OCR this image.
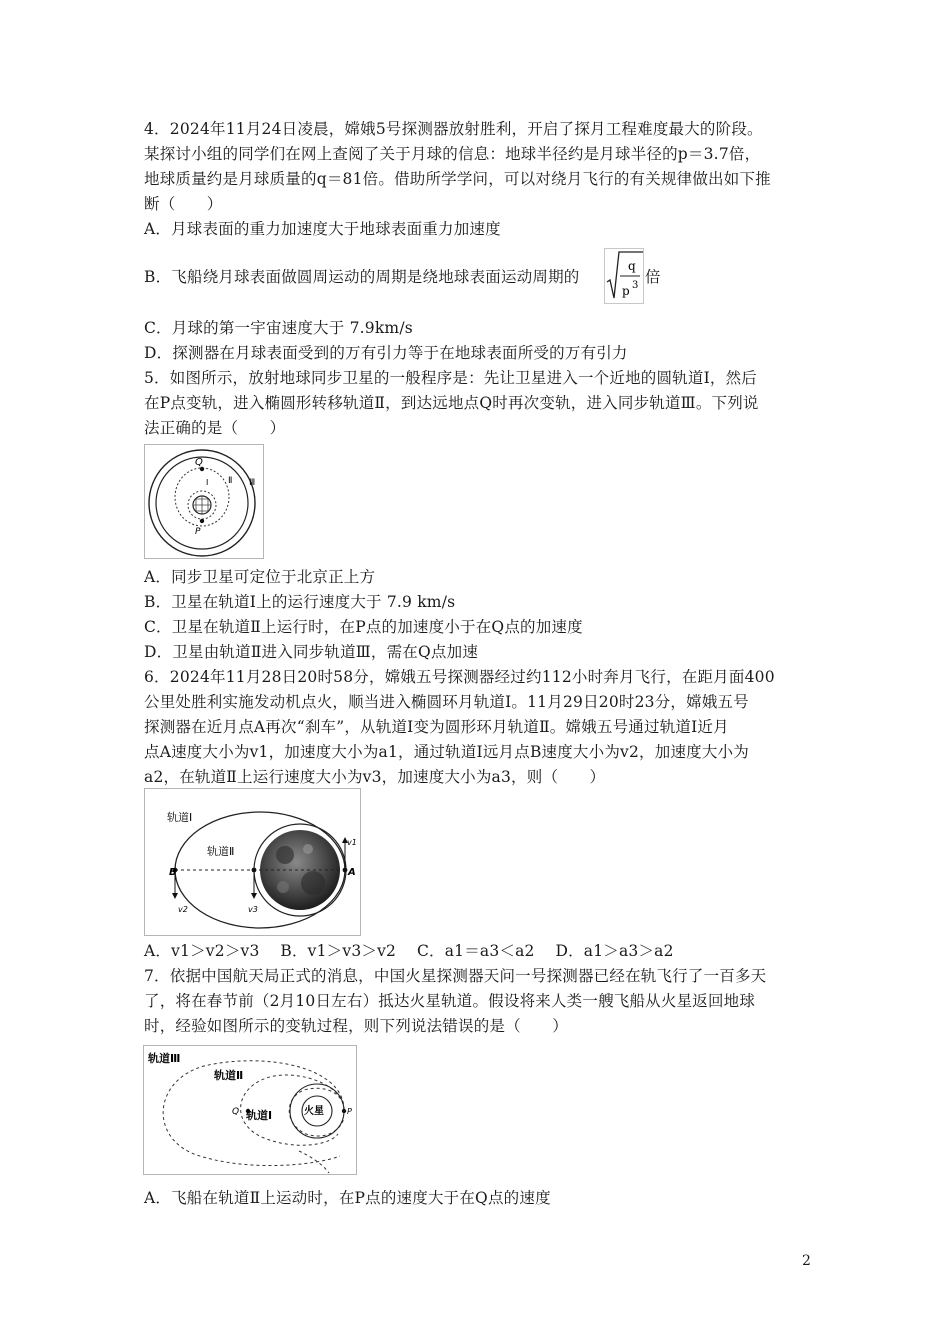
4．2024年11月24日凌晨，嫦娥5号探测器放射胜利，开启了探月工程难度最大的阶段。
某探讨小组的同学们在网上查阅了关于月球的信息：地球半径约是月球半径的p＝3.7倍，
地球质量约是月球质量的q＝81倍。借助所学学问，可以对绕月飞行的有关规律做出如下推
断（　　）
A．月球表面的重力加速度大于地球表面重力加速度
B．飞船绕月球表面做圆周运动的周期是绕地球表面运动周期的
q
p 3 倍
C．月球的第一宇宙速度大于 7.9km/s
D．探测器在月球表面受到的万有引力等于在地球表面所受的万有引力
5．如图所示，放射地球同步卫星的一般程序是：先让卫星进入一个近地的圆轨道Ⅰ，然后
在P点变轨，进入椭圆形转移轨道Ⅱ，到达远地点Q时再次变轨，进入同步轨道Ⅲ。下列说
法正确的是（　　）
Q
P
Ⅰ Ⅱ Ⅲ
A．同步卫星可定位于北京正上方
B．卫星在轨道Ⅰ上的运行速度大于 7.9 km/s
C．卫星在轨道Ⅱ上运行时，在P点的加速度小于在Q点的加速度
D．卫星由轨道Ⅱ进入同步轨道Ⅲ，需在Q点加速
6．2024年11月28日20时58分，嫦娥五号探测器经过约112小时奔月飞行，在距月面400
公里处胜利实施发动机点火，顺当进入椭圆环月轨道Ⅰ。11月29日20时23分，嫦娥五号
探测器在近月点A再次“刹车”，从轨道Ⅰ变为圆形环月轨道Ⅱ。嫦娥五号通过轨道Ⅰ近月
点A速度大小为v1，加速度大小为a1，通过轨道Ⅰ远月点B速度大小为v2，加速度大小为
a2，在轨道Ⅱ上运行速度大小为v3，加速度大小为a3，则（　　）
轨道Ⅰ
轨道Ⅱ
B	A
v2	v3
v1
A．v1＞v2＞v3　 B．v1＞v3＞v2　 C．a1＝a3＜a2　 D．a1＞a3＞a2
7．依据中国航天局正式的消息，中国火星探测器天问一号探测器已经在轨飞行了一百多天
了，将在春节前（2月10日左右）抵达火星轨道。假设将来人类一艘飞船从火星返回地球
时，经验如图所示的变轨过程，则下列说法错误的是（　　）
轨道Ⅲ
轨道Ⅱ
轨道Ⅰ	火星
Q	P
A．飞船在轨道Ⅱ上运动时，在P点的速度大于在Q点的速度
2
